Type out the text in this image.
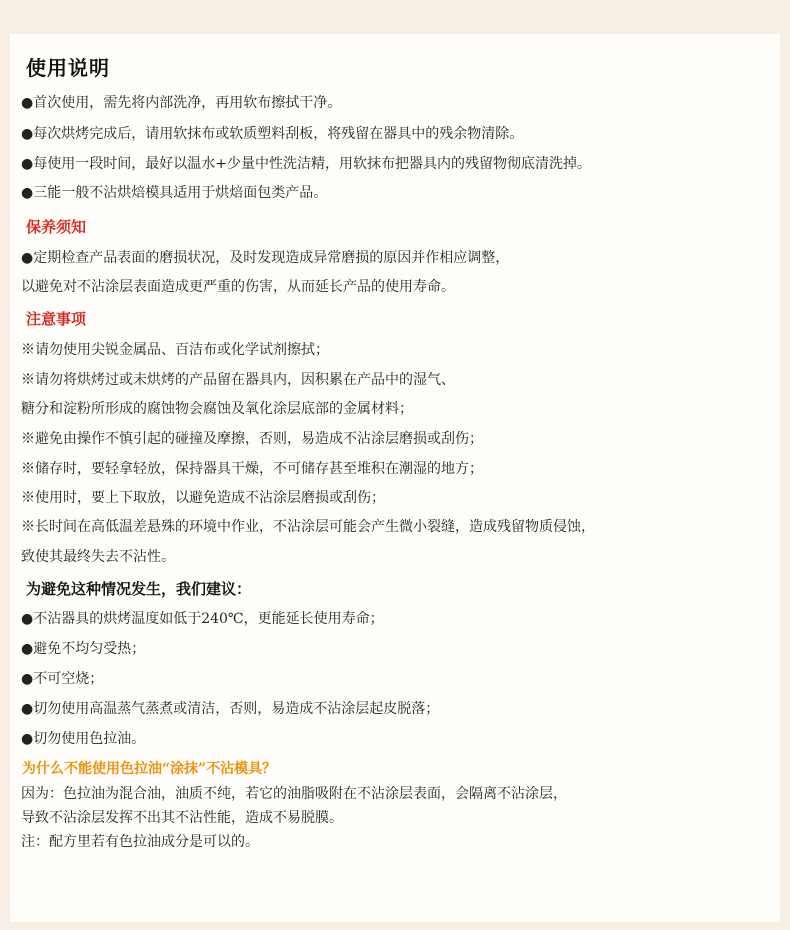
使用说明
●首次使用，需先将内部洗净，再用软布擦拭干净。
●每次烘烤完成后，请用软抹布或软质塑料刮板，将残留在器具中的残余物清除。
●每使用一段时间，最好以温水+少量中性洗洁精，用软抹布把器具内的残留物彻底清洗掉。
●三能一般不沾烘焙模具适用于烘焙面包类产品。
保养须知
●定期检查产品表面的磨损状况，及时发现造成异常磨损的原因并作相应调整，
以避免对不沾涂层表面造成更严重的伤害，从而延长产品的使用寿命。
注意事项
※请勿使用尖锐金属品、百洁布或化学试剂擦拭；
※请勿将烘烤过或未烘烤的产品留在器具内，因积累在产品中的湿气、
糖分和淀粉所形成的腐蚀物会腐蚀及氧化涂层底部的金属材料；
※避免由操作不慎引起的碰撞及摩擦，否则，易造成不沾涂层磨损或刮伤；
※储存时，要轻拿轻放，保持器具干燥，不可储存甚至堆积在潮湿的地方；
※使用时，要上下取放，以避免造成不沾涂层磨损或刮伤；
※长时间在高低温差悬殊的环境中作业，不沾涂层可能会产生微小裂缝，造成残留物质侵蚀，
致使其最终失去不沾性。
为避免这种情况发生，我们建议：
●不沾器具的烘烤温度如低于240℃，更能延长使用寿命；
●避免不均匀受热；
●不可空烧；
●切勿使用高温蒸气蒸煮或清洁，否则，易造成不沾涂层起皮脱落；
●切勿使用色拉油。
为什么不能使用色拉油“涂抹”不沾模具？
因为：色拉油为混合油，油质不纯，若它的油脂吸附在不沾涂层表面，会隔离不沾涂层，
导致不沾涂层发挥不出其不沾性能，造成不易脱膜。
注：配方里若有色拉油成分是可以的。
